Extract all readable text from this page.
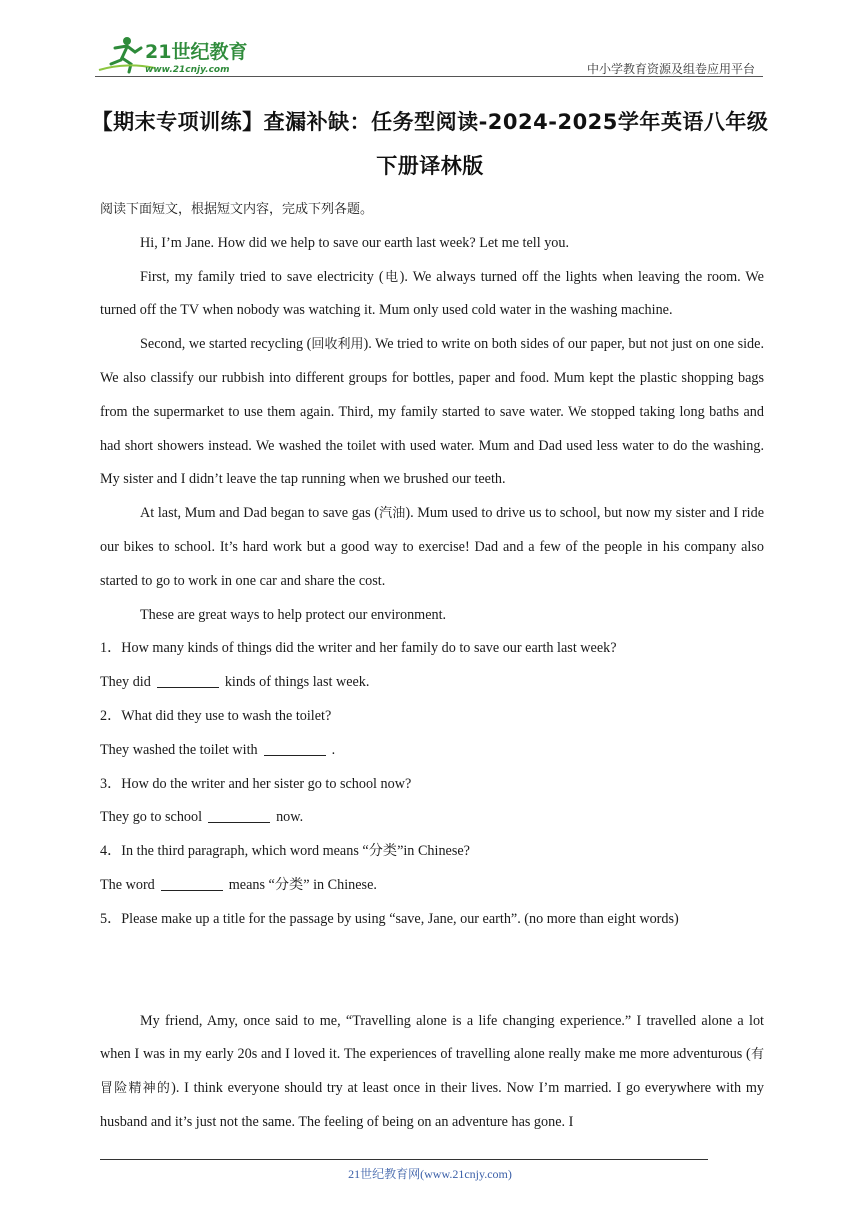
21世纪教育
www.21cnjy.com	中小学教育资源及组卷应用平台
【期末专项训练】查漏补缺：任务型阅读-2024-2025学年英语八年级
下册译林版

阅读下面短文，根据短文内容，完成下列各题。

Hi, I’m Jane. How did we help to save our earth last week? Let me tell you.

First, my family tried to save electricity (电). We always turned off the lights when leaving the room. We turned off the TV when nobody was watching it. Mum only used cold water in the washing machine.

Second, we started recycling (回收利用). We tried to write on both sides of our paper, but not just on one side. We also classify our rubbish into different groups for bottles, paper and food. Mum kept the plastic shopping bags from the supermarket to use them again. Third, my family started to save water. We stopped taking long baths and had short showers instead. We washed the toilet with used water. Mum and Dad used less water to do the washing. My sister and I didn’t leave the tap running when we brushed our teeth.

At last, Mum and Dad began to save gas (汽油). Mum used to drive us to school, but now my sister and I ride our bikes to school. It’s hard work but a good way to exercise! Dad and a few of the people in his company also started to go to work in one car and share the cost.

These are great ways to help protect our environment.

1．How many kinds of things did the writer and her family do to save our earth last week?

They did	kinds of things last week.

2．What did they use to wash the toilet?

They washed the toilet with	.

3．How do the writer and her sister go to school now?

They go to school	now.

4．In the third paragraph, which word means “分类”in Chinese?

The word	means “分类” in Chinese.

5．Please make up a title for the passage by using “save, Jane, our earth”. (no more than eight words)

My friend, Amy, once said to me, “Travelling alone is a life changing experience.” I travelled alone a lot when I was in my early 20s and I loved it. The experiences of travelling alone really make me more adventurous (有冒险精神的). I think everyone should try at least once in their lives. Now I’m married. I go everywhere with my husband and it’s just not the same. The feeling of being on an adventure has gone. I

21世纪教育网(www.21cnjy.com)
